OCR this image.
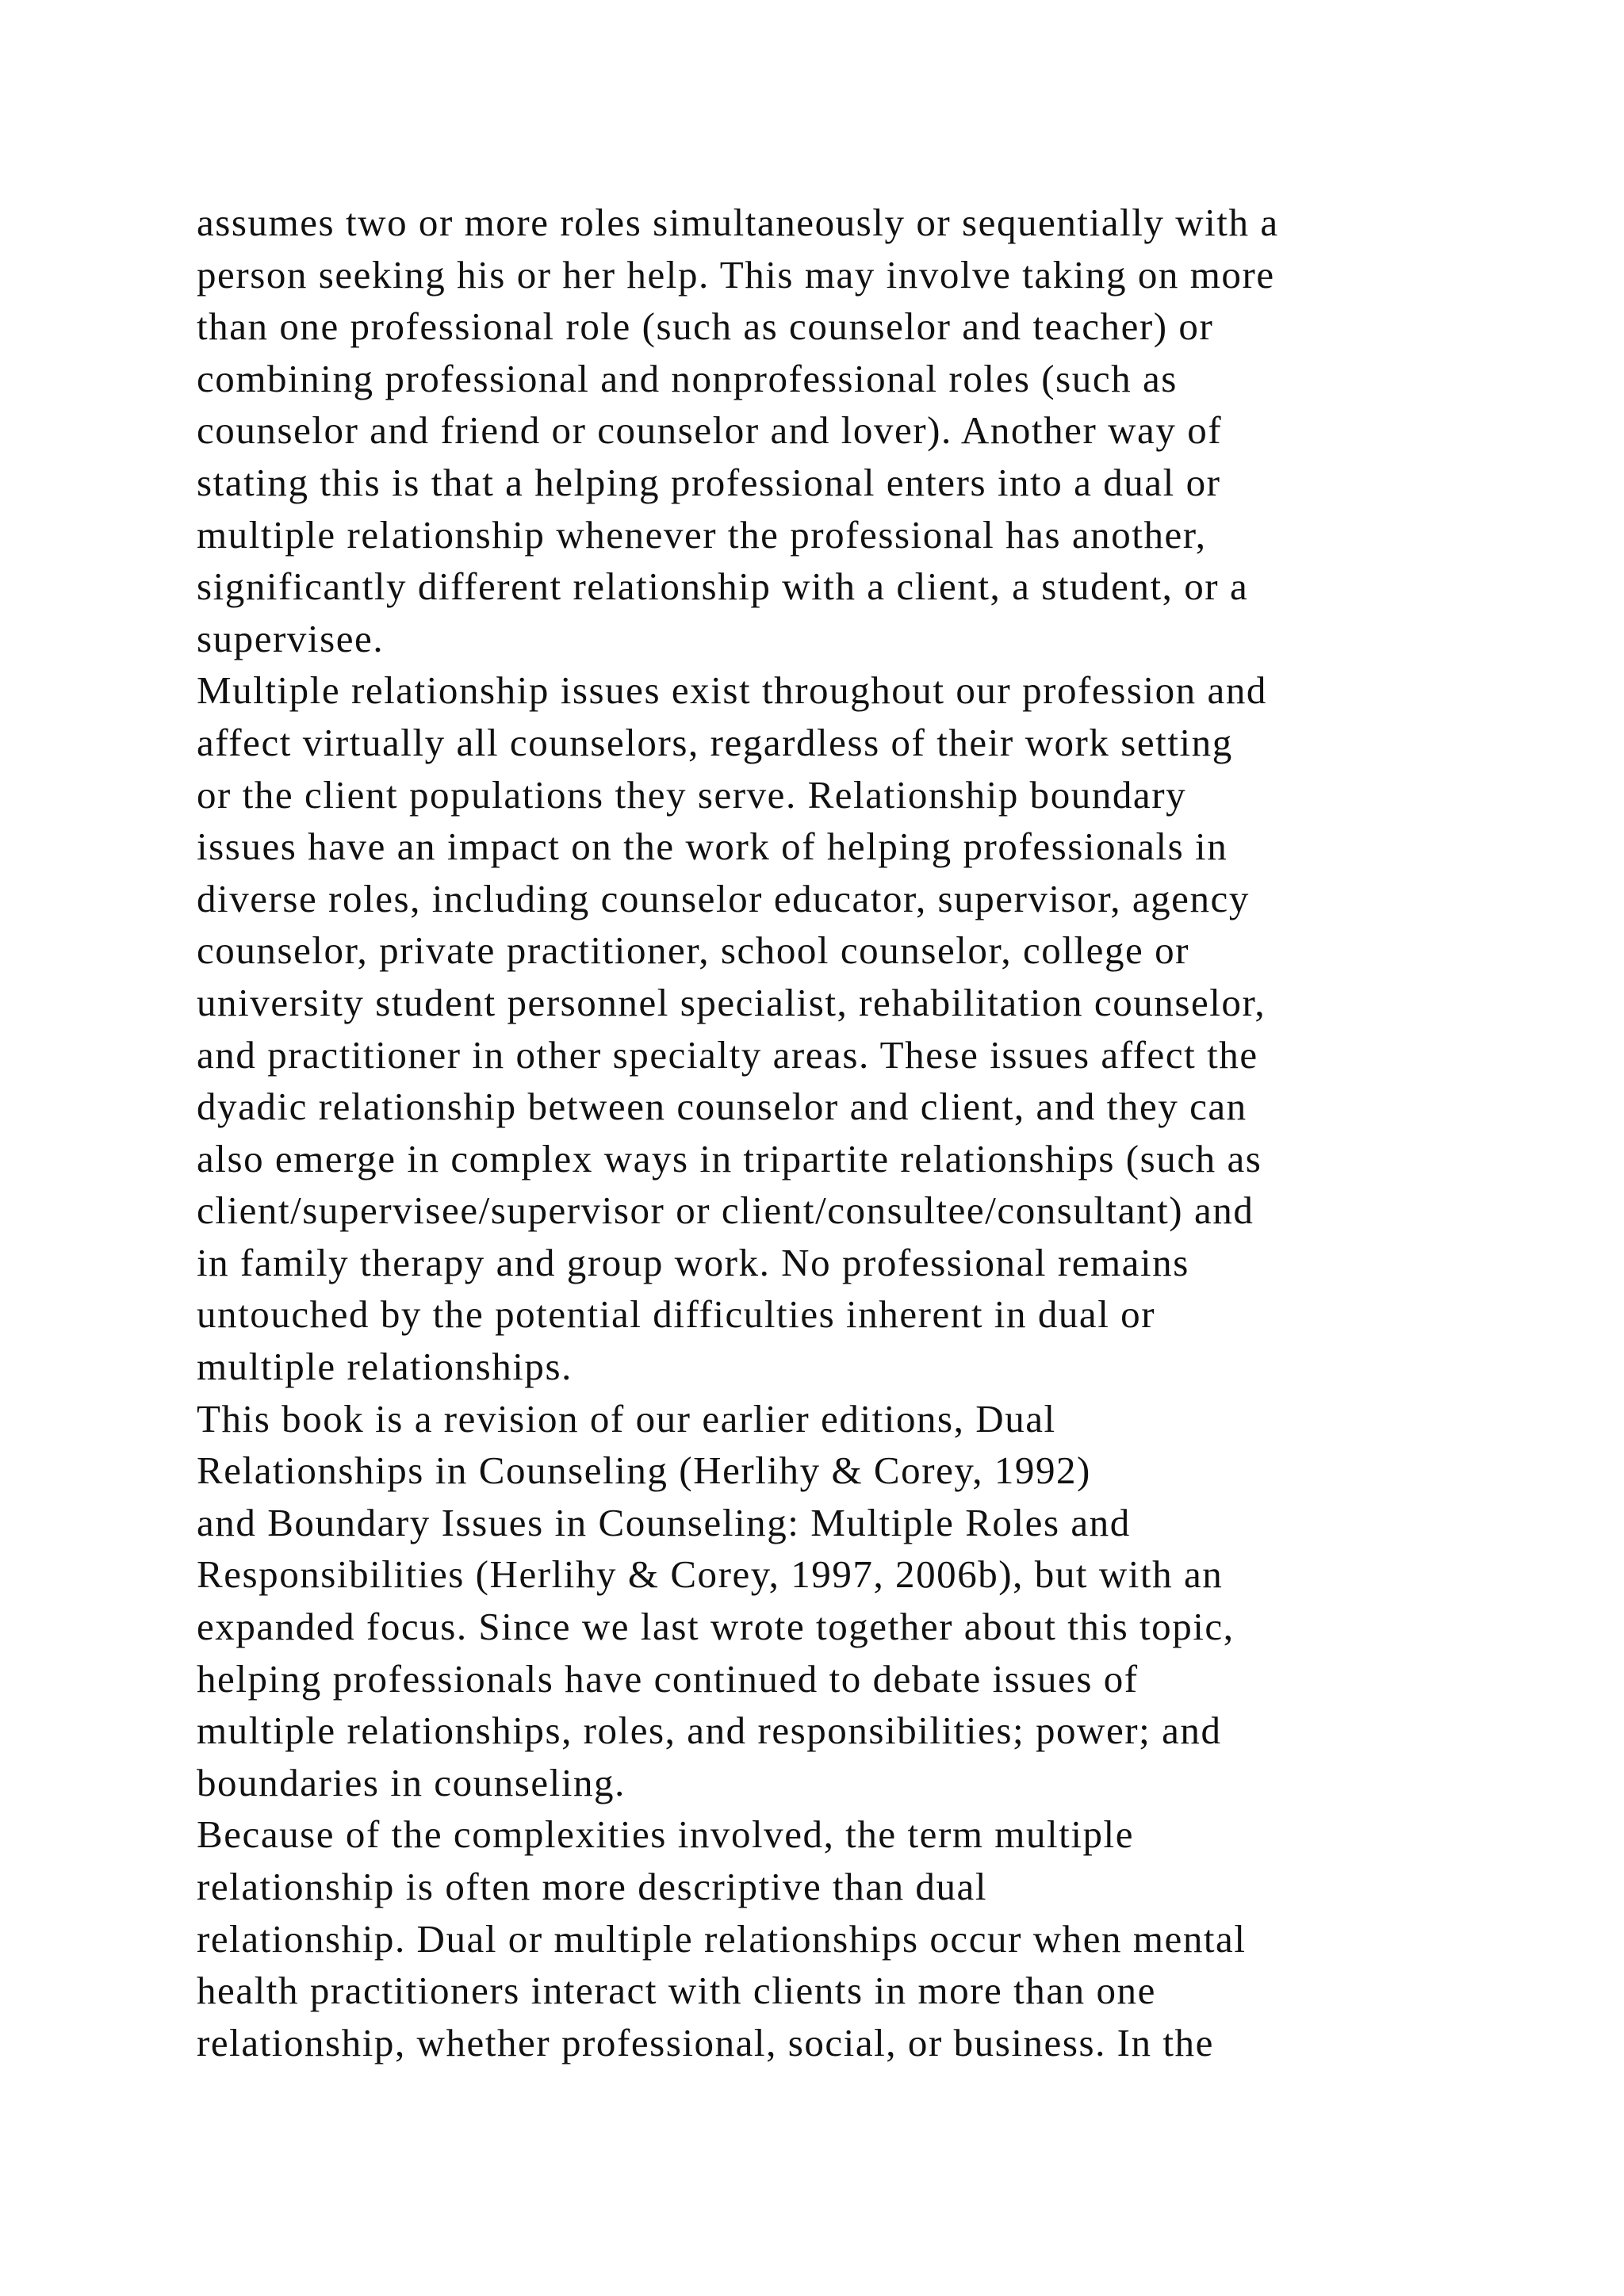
assumes two or more roles simultaneously or sequentially with a
person seeking his or her help. This may involve taking on more
than one professional role (such as counselor and teacher) or
combining professional and nonprofessional roles (such as
counselor and friend or counselor and lover). Another way of
stating this is that a helping professional enters into a dual or
multiple relationship whenever the professional has another,
significantly different relationship with a client, a student, or a
supervisee.
Multiple relationship issues exist throughout our profession and
affect virtually all counselors, regardless of their work setting
or the client populations they serve. Relationship boundary
issues have an impact on the work of helping professionals in
diverse roles, including counselor educator, supervisor, agency
counselor, private practitioner, school counselor, college or
university student personnel specialist, rehabilitation counselor,
and practitioner in other specialty areas. These issues affect the
dyadic relationship between counselor and client, and they can
also emerge in complex ways in tripartite relationships (such as
client/supervisee/supervisor or client/consultee/consultant) and
in family therapy and group work. No professional remains
untouched by the potential difficulties inherent in dual or
multiple relationships.
This book is a revision of our earlier editions, Dual
Relationships in Counseling (Herlihy & Corey, 1992)
and Boundary Issues in Counseling: Multiple Roles and
Responsibilities (Herlihy & Corey, 1997, 2006b), but with an
expanded focus. Since we last wrote together about this topic,
helping professionals have continued to debate issues of
multiple relationships, roles, and responsibilities; power; and
boundaries in counseling.
Because of the complexities involved, the term multiple
relationship is often more descriptive than dual
relationship. Dual or multiple relationships occur when mental
health practitioners interact with clients in more than one
relationship, whether professional, social, or business. In the
